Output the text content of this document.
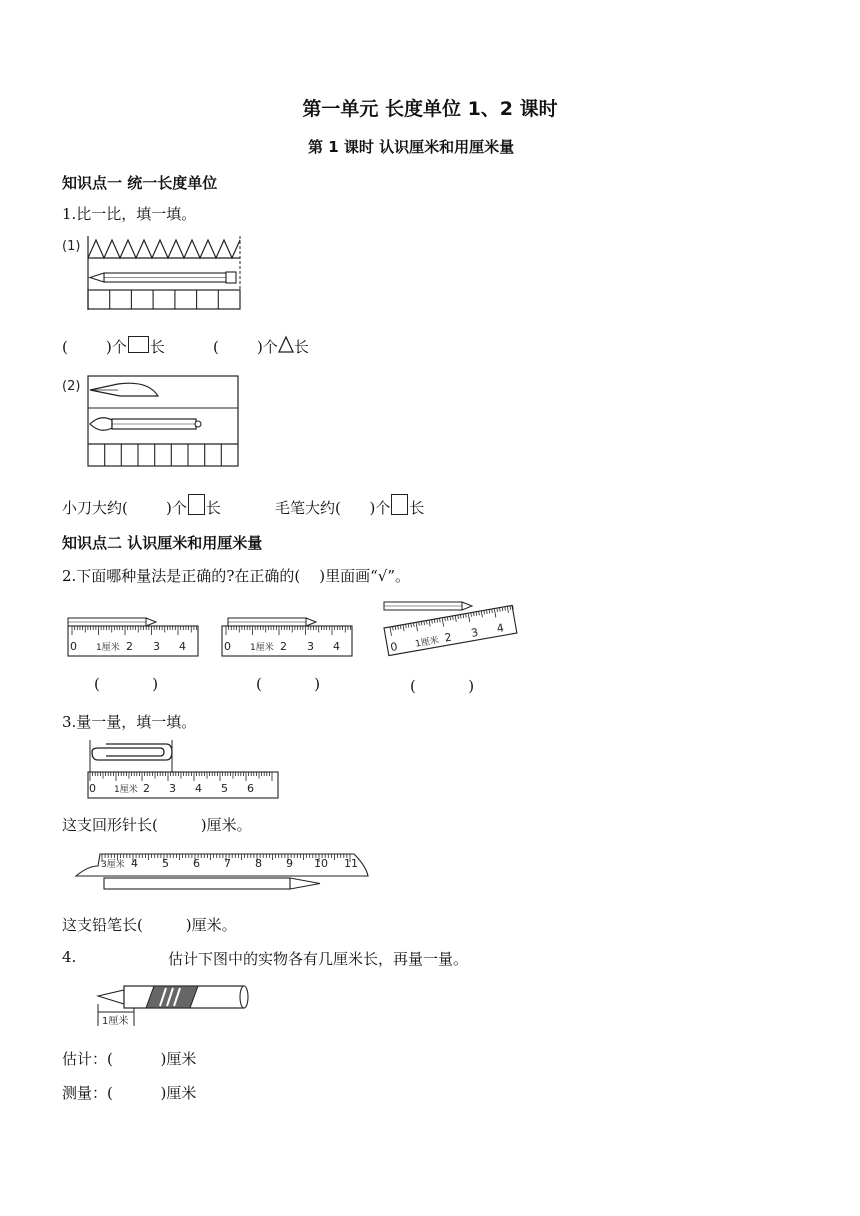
第一单元 长度单位 1、2 课时
第 1 课时 认识厘米和用厘米量
知识点一 统一长度单位
1.比一比，填一填。
(1)
(        )个 长	(        )个 长
(2)
小刀大约(        )个 长	毛笔大约(      )个 长
知识点二 认识厘米和用厘米量
2.下面哪种量法是正确的?在正确的(    )里面画“√”。
0 1厘米 2 3 4	0 1厘米 2 3 4	0 1厘米 2 3 4
(           )	(           )	(           )
3.量一量，填一填。
0 1厘米 2 3 4 5 6
这支回形针长(         )厘米。
3厘米 4 5 6 7 8 9 10 11
这支铅笔长(         )厘米。
4.	估计下图中的实物各有几厘米长，再量一量。
1厘米
估计：(          )厘米
测量：(          )厘米
